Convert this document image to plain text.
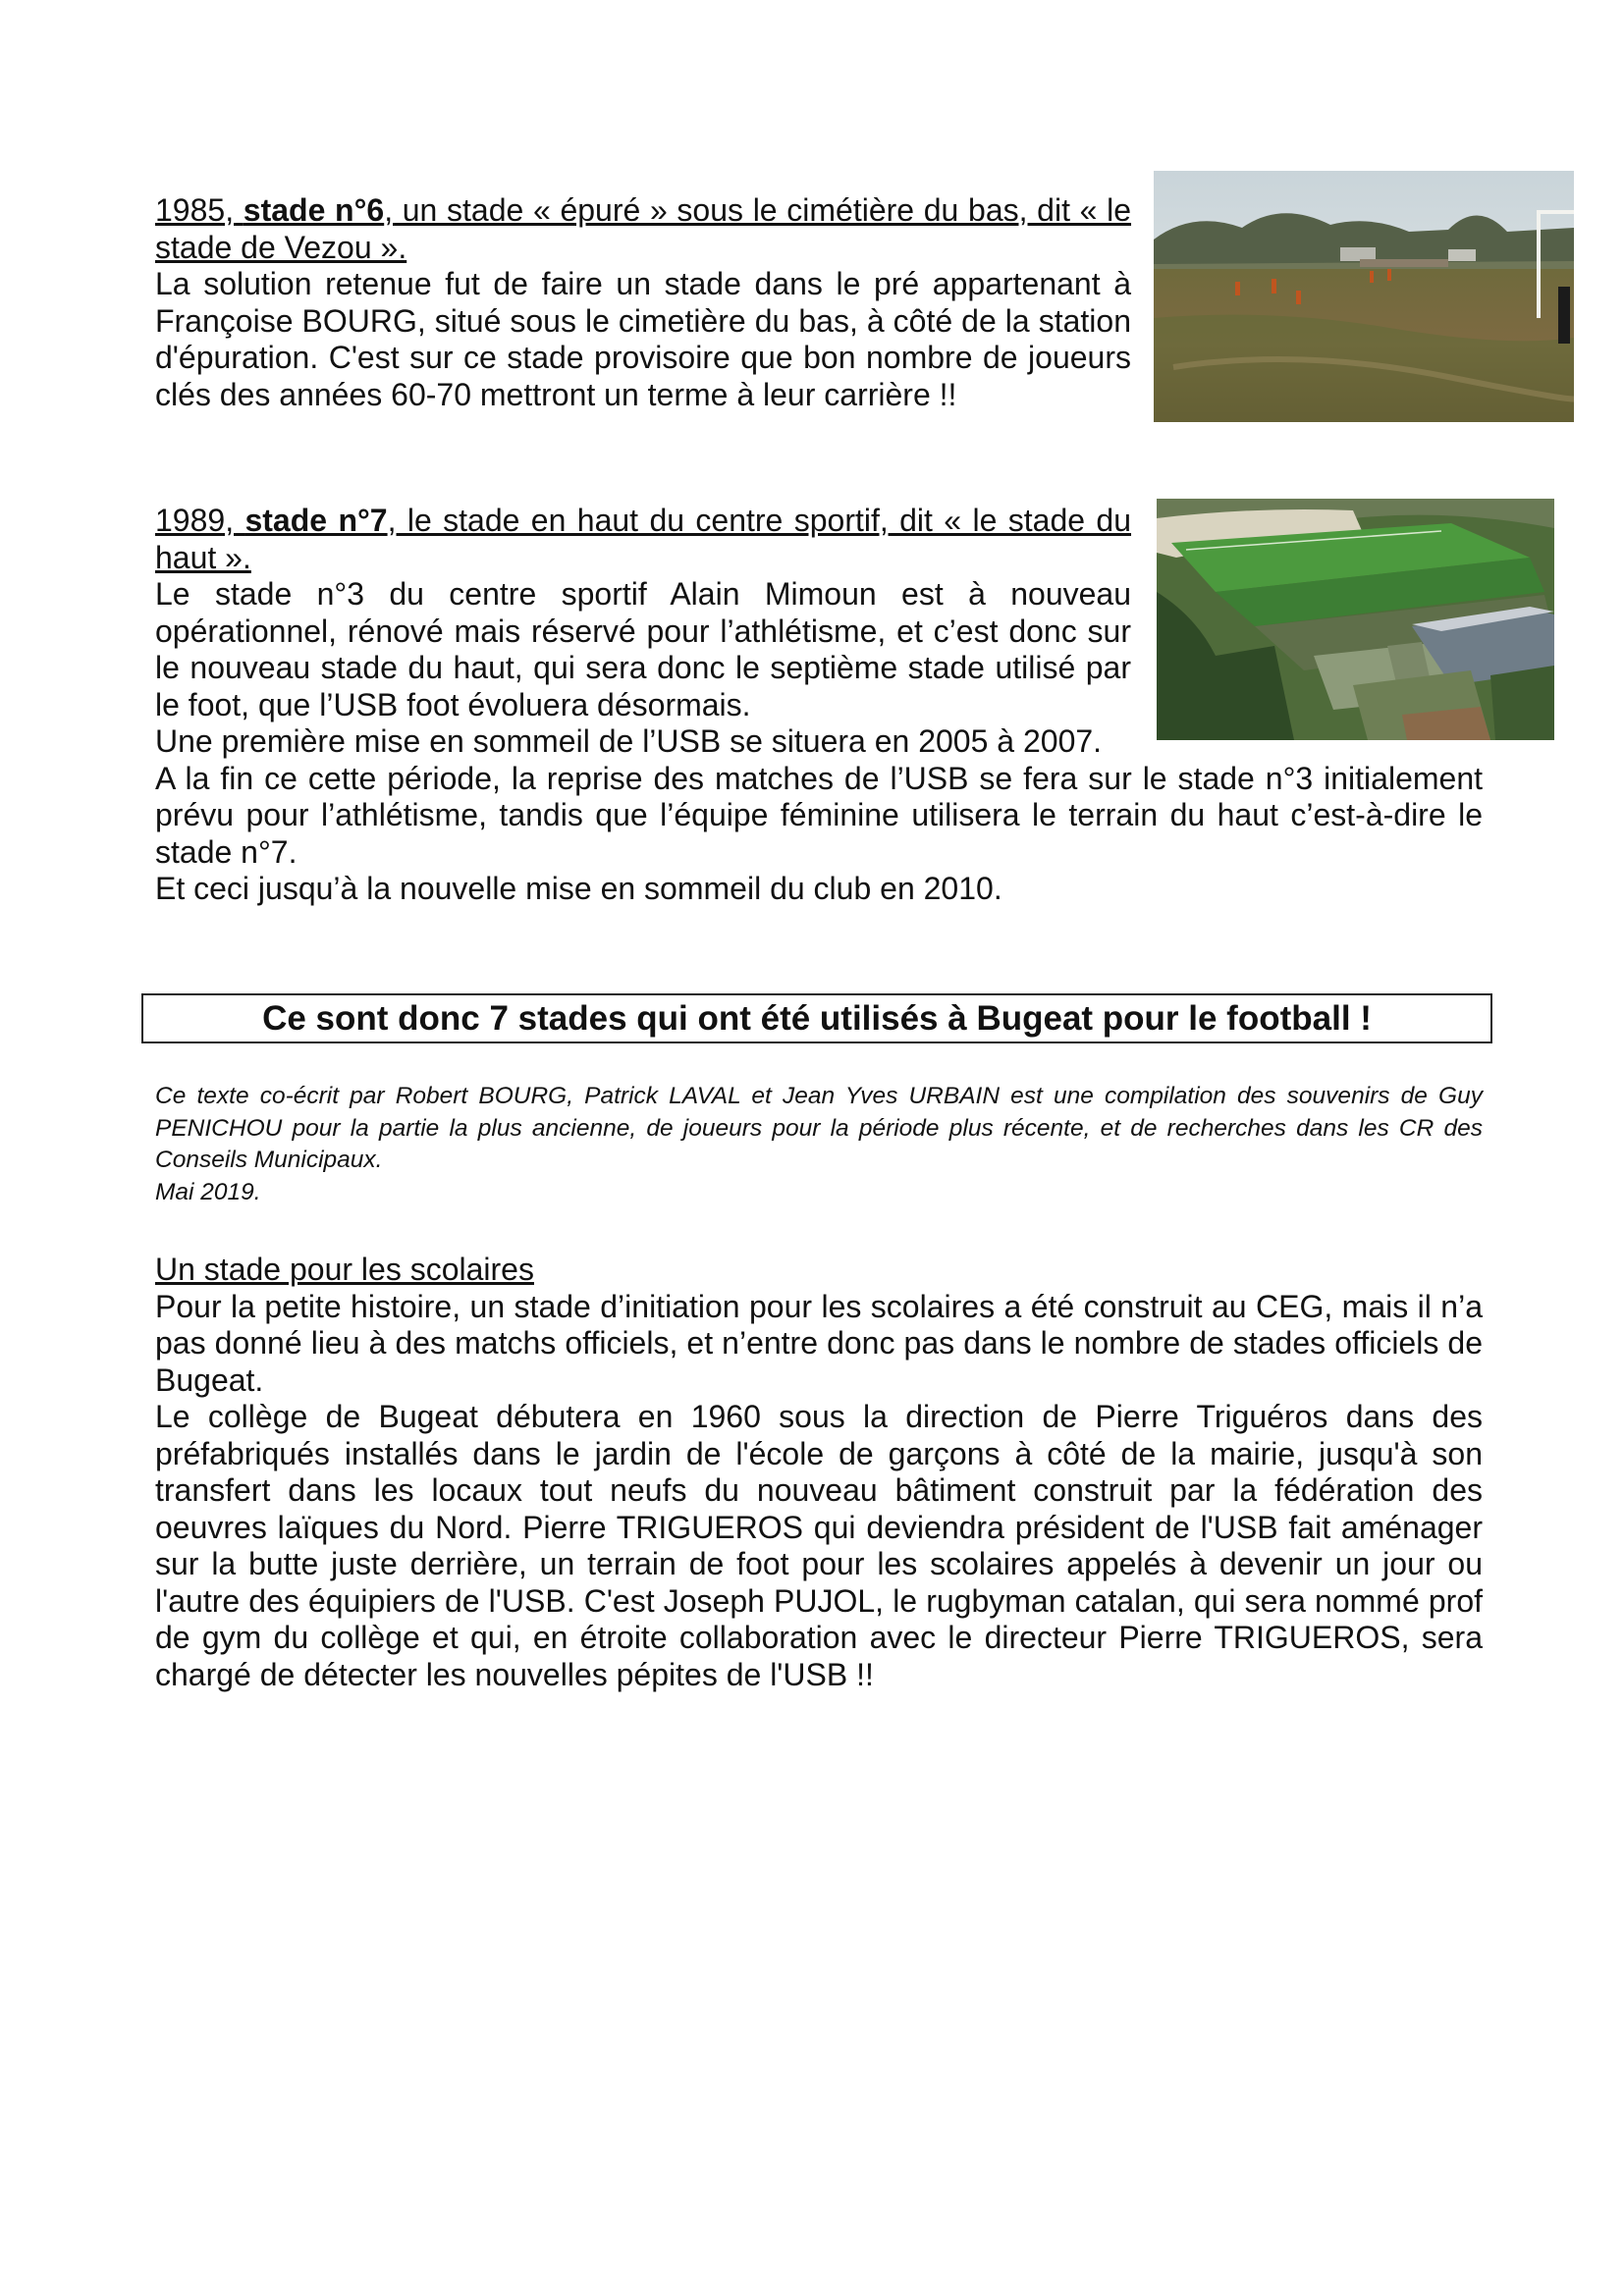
1985, stade n°6, un stade « épuré » sous le cimétière du bas, dit « le stade de Vezou ».
La solution retenue fut de faire un stade dans le pré appartenant à Françoise BOURG, situé sous le cimetière du bas, à côté de la station d'épuration. C'est sur ce stade provisoire que bon nombre de joueurs clés des années 60-70 mettront un terme à leur carrière !!
1989, stade n°7, le stade en haut du centre sportif, dit « le stade du haut ».
Le stade n°3 du centre sportif Alain Mimoun est à nouveau opérationnel, rénové mais réservé pour l’athlétisme, et c’est donc sur le nouveau stade du haut, qui sera donc le septième stade utilisé par le foot, que l’USB foot évoluera désormais.
Une première mise en sommeil de l’USB se situera en 2005 à 2007.
A la fin ce cette période, la reprise des matches de l’USB se fera sur le stade n°3 initialement prévu pour l’athlétisme, tandis que l’équipe féminine utilisera le terrain du haut c’est-à-dire le stade n°7.
Et ceci jusqu’à la nouvelle mise en sommeil du club en 2010.
Ce sont donc 7 stades qui ont été utilisés à Bugeat pour le football !
Ce texte co-écrit par Robert BOURG, Patrick LAVAL et Jean Yves URBAIN est une compilation des souvenirs de Guy PENICHOU pour la partie la plus ancienne, de joueurs pour la période plus récente, et de recherches dans les CR des Conseils Municipaux.
Mai 2019.
Un stade pour les scolaires
Pour la petite histoire, un stade d’initiation pour les scolaires a été construit au CEG, mais il n’a pas donné lieu à des matchs officiels, et n’entre donc pas dans le nombre de stades officiels de Bugeat.
Le collège de Bugeat débutera en 1960 sous la direction de Pierre Triguéros dans des préfabriqués installés dans le jardin de l'école de garçons à côté de la mairie, jusqu'à son transfert dans les locaux tout neufs du nouveau bâtiment construit par la fédération des oeuvres laïques du Nord. Pierre TRIGUEROS qui deviendra président de l'USB fait aménager sur la butte juste derrière, un terrain de foot pour les scolaires appelés à devenir un jour ou l'autre des équipiers de l'USB. C'est Joseph PUJOL, le rugbyman catalan, qui sera nommé prof de gym du collège et qui, en étroite collaboration avec le directeur Pierre TRIGUEROS, sera chargé de détecter les nouvelles pépites de l'USB !!
